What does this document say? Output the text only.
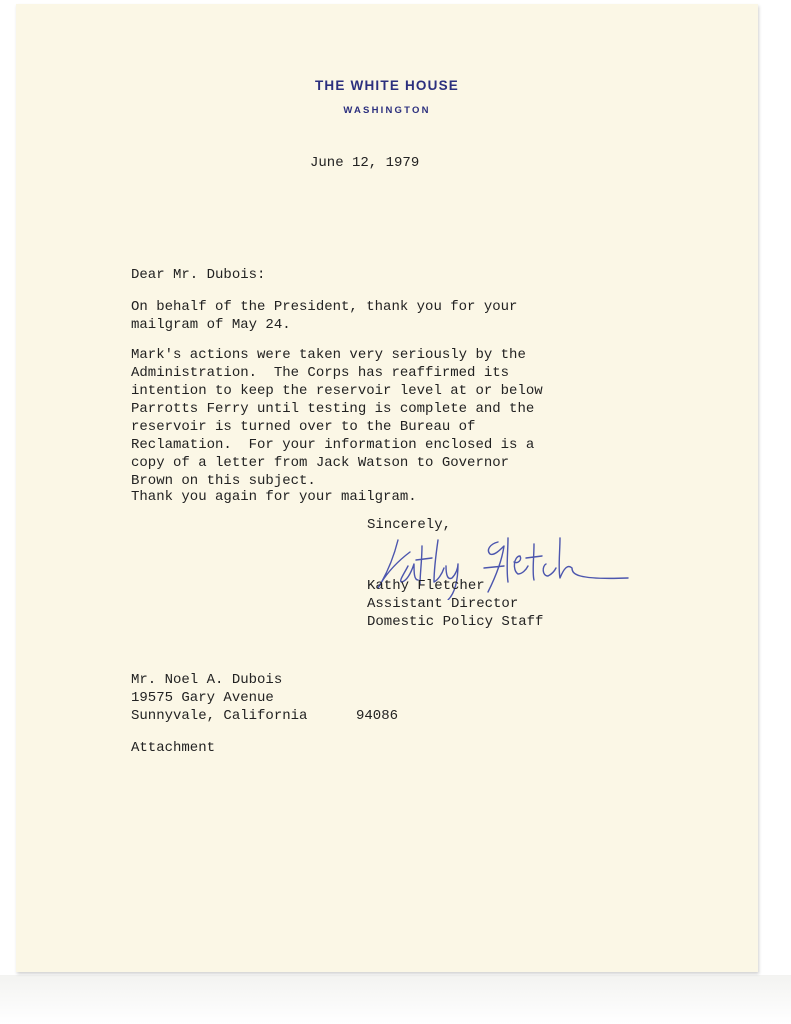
THE WHITE HOUSE
WASHINGTON
June 12, 1979
Dear Mr. Dubois:
On behalf of the President, thank you for your
mailgram of May 24.
Mark's actions were taken very seriously by the
Administration.  The Corps has reaffirmed its
intention to keep the reservoir level at or below
Parrotts Ferry until testing is complete and the
reservoir is turned over to the Bureau of
Reclamation.  For your information enclosed is a
copy of a letter from Jack Watson to Governor
Brown on this subject.
Thank you again for your mailgram.
Sincerely,
Kathy Fletcher
Assistant Director
Domestic Policy Staff
Mr. Noel A. Dubois
19575 Gary Avenue
Sunnyvale, California	94086
Attachment
